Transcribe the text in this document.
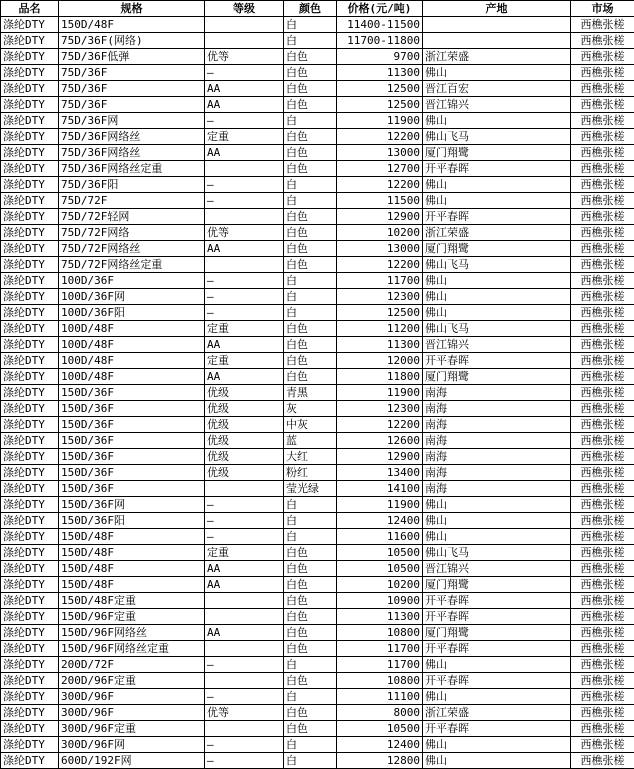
品名	规格	等级	颜色	价格(元/吨)	产地	市场
涤纶DTY	150D/48F		白	11400-11500		西樵张槎
涤纶DTY	75D/36F(网络)		白	11700-11800		西樵张槎
涤纶DTY	75D/36F低弹	优等	白色	9700	浙江荣盛	西樵张槎
涤纶DTY	75D/36F	—	白色	11300	佛山	西樵张槎
涤纶DTY	75D/36F	AA	白色	12500	晋江百宏	西樵张槎
涤纶DTY	75D/36F	AA	白色	12500	晋江锦兴	西樵张槎
涤纶DTY	75D/36F网	—	白	11900	佛山	西樵张槎
涤纶DTY	75D/36F网络丝	定重	白色	12200	佛山飞马	西樵张槎
涤纶DTY	75D/36F网络丝	AA	白色	13000	厦门翔鹭	西樵张槎
涤纶DTY	75D/36F网络丝定重		白色	12700	开平春晖	西樵张槎
涤纶DTY	75D/36F阳	—	白	12200	佛山	西樵张槎
涤纶DTY	75D/72F	—	白	11500	佛山	西樵张槎
涤纶DTY	75D/72F轻网		白色	12900	开平春晖	西樵张槎
涤纶DTY	75D/72F网络	优等	白色	10200	浙江荣盛	西樵张槎
涤纶DTY	75D/72F网络丝	AA	白色	13000	厦门翔鹭	西樵张槎
涤纶DTY	75D/72F网络丝定重		白色	12200	佛山飞马	西樵张槎
涤纶DTY	100D/36F	—	白	11700	佛山	西樵张槎
涤纶DTY	100D/36F网	—	白	12300	佛山	西樵张槎
涤纶DTY	100D/36F阳	—	白	12500	佛山	西樵张槎
涤纶DTY	100D/48F	定重	白色	11200	佛山飞马	西樵张槎
涤纶DTY	100D/48F	AA	白色	11300	晋江锦兴	西樵张槎
涤纶DTY	100D/48F	定重	白色	12000	开平春晖	西樵张槎
涤纶DTY	100D/48F	AA	白色	11800	厦门翔鹭	西樵张槎
涤纶DTY	150D/36F	优级	青黑	11900	南海	西樵张槎
涤纶DTY	150D/36F	优级	灰	12300	南海	西樵张槎
涤纶DTY	150D/36F	优级	中灰	12200	南海	西樵张槎
涤纶DTY	150D/36F	优级	蓝	12600	南海	西樵张槎
涤纶DTY	150D/36F	优级	大红	12900	南海	西樵张槎
涤纶DTY	150D/36F	优级	粉红	13400	南海	西樵张槎
涤纶DTY	150D/36F		莹光绿	14100	南海	西樵张槎
涤纶DTY	150D/36F网	—	白	11900	佛山	西樵张槎
涤纶DTY	150D/36F阳	—	白	12400	佛山	西樵张槎
涤纶DTY	150D/48F	—	白	11600	佛山	西樵张槎
涤纶DTY	150D/48F	定重	白色	10500	佛山飞马	西樵张槎
涤纶DTY	150D/48F	AA	白色	10500	晋江锦兴	西樵张槎
涤纶DTY	150D/48F	AA	白色	10200	厦门翔鹭	西樵张槎
涤纶DTY	150D/48F定重		白色	10900	开平春晖	西樵张槎
涤纶DTY	150D/96F定重		白色	11300	开平春晖	西樵张槎
涤纶DTY	150D/96F网络丝	AA	白色	10800	厦门翔鹭	西樵张槎
涤纶DTY	150D/96F网络丝定重		白色	11700	开平春晖	西樵张槎
涤纶DTY	200D/72F	—	白	11700	佛山	西樵张槎
涤纶DTY	200D/96F定重		白色	10800	开平春晖	西樵张槎
涤纶DTY	300D/96F	—	白	11100	佛山	西樵张槎
涤纶DTY	300D/96F	优等	白色	8000	浙江荣盛	西樵张槎
涤纶DTY	300D/96F定重		白色	10500	开平春晖	西樵张槎
涤纶DTY	300D/96F网	—	白	12400	佛山	西樵张槎
涤纶DTY	600D/192F网	—	白	12800	佛山	西樵张槎
